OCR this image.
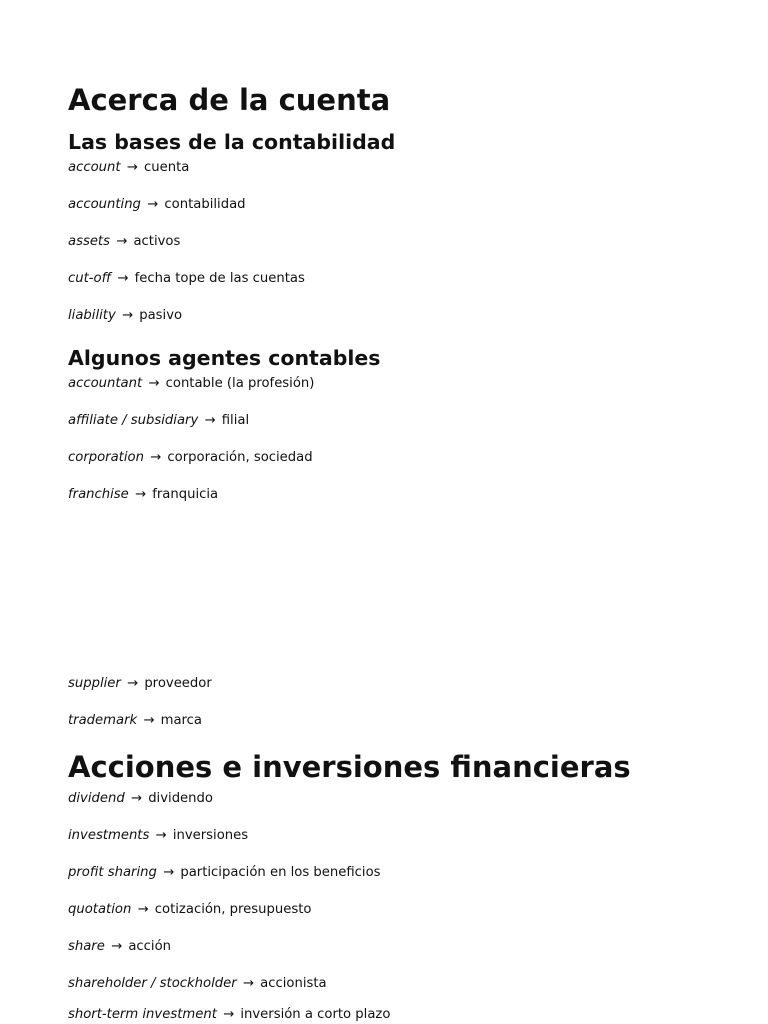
Acerca de la cuenta
Las bases de la contabilidad

account → cuenta

accounting → contabilidad

assets → activos

cut-off → fecha tope de las cuentas

liability → pasivo

Algunos agentes contables

accountant → contable (la profesión)

affiliate / subsidiary → filial

corporation → corporación, sociedad

franchise → franquicia

supplier → proveedor

trademark → marca

Acciones e inversiones financieras

dividend → dividendo

investments → inversiones

profit sharing → participación en los beneficios

quotation → cotización, presupuesto

share → acción

shareholder / stockholder → accionista

short-term investment → inversión a corto plazo
